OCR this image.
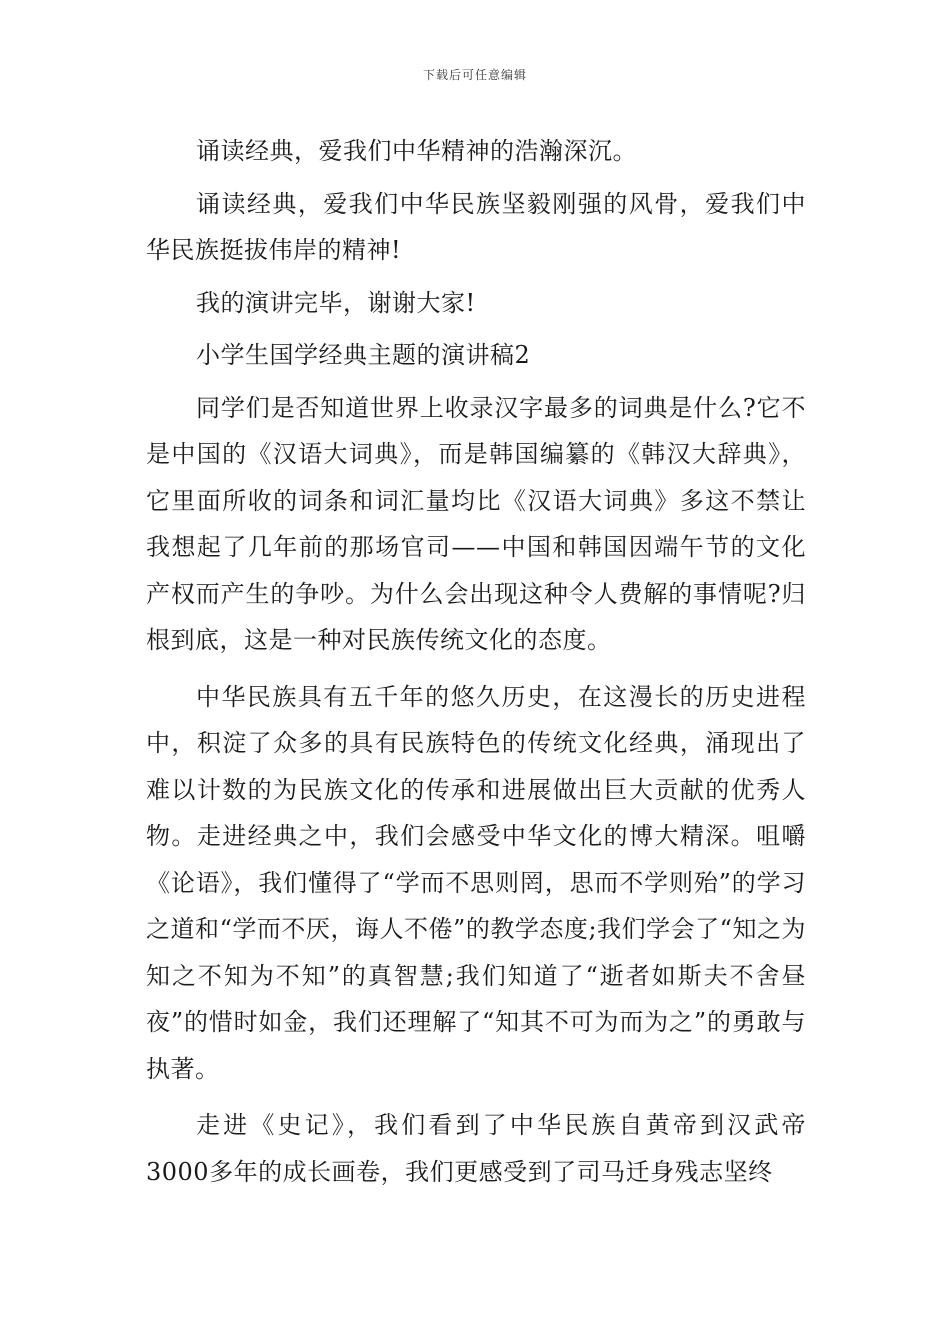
下载后可任意编辑

诵读经典，爱我们中华精神的浩瀚深沉。

诵读经典，爱我们中华民族坚毅刚强的风骨，爱我们中华民族挺拔伟岸的精神!

我的演讲完毕，谢谢大家!

小学生国学经典主题的演讲稿2

同学们是否知道世界上收录汉字最多的词典是什么?它不是中国的《汉语大词典》，而是韩国编纂的《韩汉大辞典》，它里面所收的词条和词汇量均比《汉语大词典》多这不禁让我想起了几年前的那场官司——中国和韩国因端午节的文化产权而产生的争吵。为什么会出现这种令人费解的事情呢?归根到底，这是一种对民族传统文化的态度。

中华民族具有五千年的悠久历史，在这漫长的历史进程中，积淀了众多的具有民族特色的传统文化经典，涌现出了难以计数的为民族文化的传承和进展做出巨大贡献的优秀人物。走进经典之中，我们会感受中华文化的博大精深。咀嚼《论语》，我们懂得了“学而不思则罔，思而不学则殆”的学习之道和“学而不厌，诲人不倦”的教学态度;我们学会了“知之为知之不知为不知”的真智慧;我们知道了“逝者如斯夫不舍昼夜”的惜时如金，我们还理解了“知其不可为而为之”的勇敢与执著。

走进《史记》，我们看到了中华民族自黄帝到汉武帝3000多年的成长画卷，我们更感受到了司马迁身残志坚终
